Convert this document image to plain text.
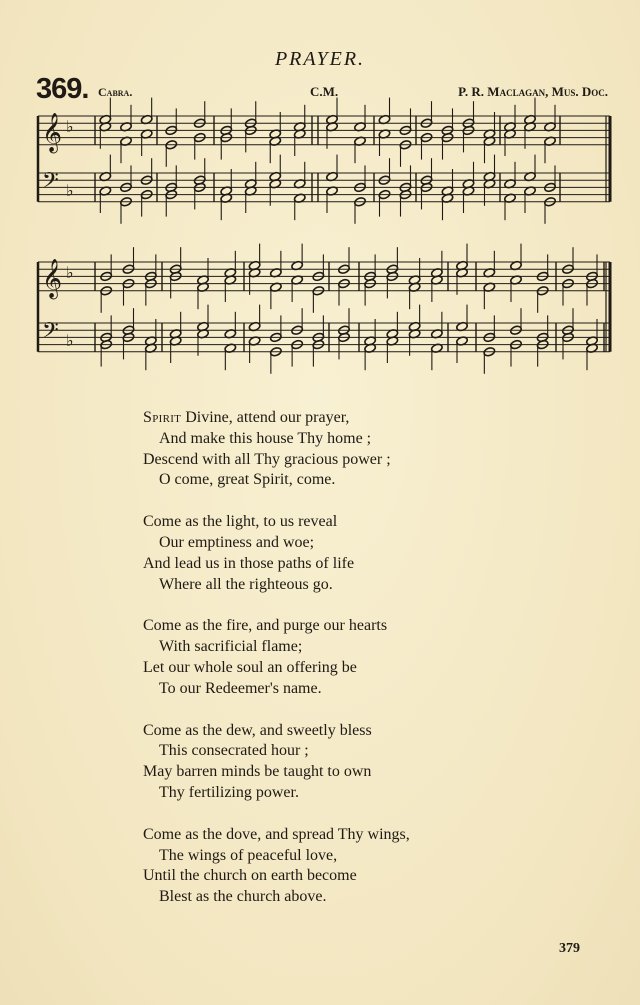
PRAYER.
369. Cabra.	C.M.	P. R. Maclagan, Mus. Doc.
𝄞 ♭
𝄢 ♭
𝄞 ♭
𝄢 ♭
Spirit Divine, attend our prayer,
And make this house Thy home ;
Descend with all Thy gracious power ;
O come, great Spirit, come.
Come as the light, to us reveal
Our emptiness and woe;
And lead us in those paths of life
Where all the righteous go.
Come as the fire, and purge our hearts
With sacrificial flame;
Let our whole soul an offering be
To our Redeemer's name.
Come as the dew, and sweetly bless
This consecrated hour ;
May barren minds be taught to own
Thy fertilizing power.
Come as the dove, and spread Thy wings,
The wings of peaceful love,
Until the church on earth become
Blest as the church above.
379
